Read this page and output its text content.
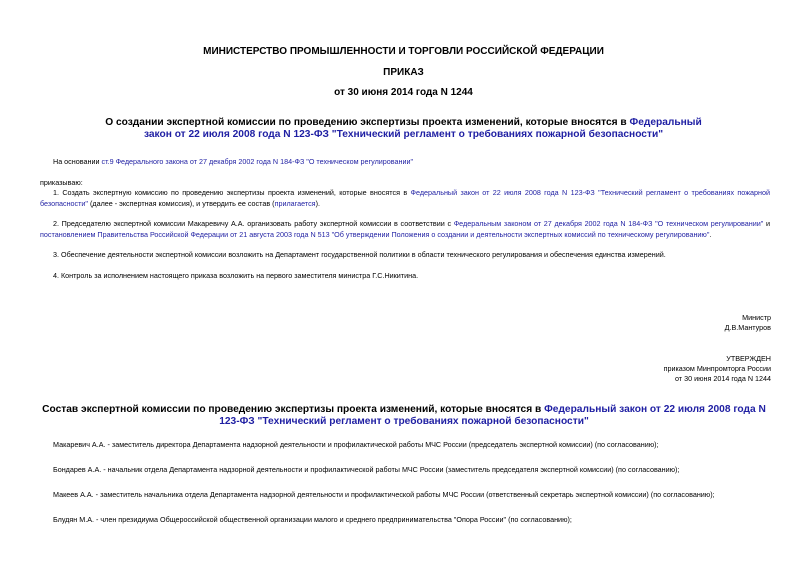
МИНИСТЕРСТВО ПРОМЫШЛЕННОСТИ И ТОРГОВЛИ РОССИЙСКОЙ ФЕДЕРАЦИИ
ПРИКАЗ
от 30 июня 2014 года N 1244
О создании экспертной комиссии по проведению экспертизы проекта изменений, которые вносятся в Федеральный закон от 22 июля 2008 года N 123-ФЗ "Технический регламент о требованиях пожарной безопасности"
На основании ст.9 Федерального закона от 27 декабря 2002 года N 184-ФЗ "О техническом регулировании"
приказываю:
1. Создать экспертную комиссию по проведению экспертизы проекта изменений, которые вносятся в Федеральный закон от 22 июля 2008 года N 123-ФЗ "Технический регламент о требованиях пожарной безопасности" (далее - экспертная комиссия), и утвердить ее состав (прилагается).
2. Председателю экспертной комиссии Макаревичу А.А. организовать работу экспертной комиссии в соответствии с Федеральным законом от 27 декабря 2002 года N 184-ФЗ "О техническом регулировании" и постановлением Правительства Российской Федерации от 21 августа 2003 года N 513 "Об утверждении Положения о создании и деятельности экспертных комиссий по техническому регулированию".
3. Обеспечение деятельности экспертной комиссии возложить на Департамент государственной политики в области технического регулирования и обеспечения единства измерений.
4. Контроль за исполнением настоящего приказа возложить на первого заместителя министра Г.С.Никитина.
Министр
Д.В.Мантуров
УТВЕРЖДЕН
приказом Минпромторга России
от 30 июня 2014 года N 1244
Состав экспертной комиссии по проведению экспертизы проекта изменений, которые вносятся в Федеральный закон от 22 июля 2008 года N 123-ФЗ "Технический регламент о требованиях пожарной безопасности"
Макаревич А.А. - заместитель директора Департамента надзорной деятельности и профилактической работы МЧС России (председатель экспертной комиссии) (по согласованию);
Бондарев А.А. - начальник отдела Департамента надзорной деятельности и профилактической работы МЧС России (заместитель председателя экспертной комиссии) (по согласованию);
Макеев А.А. - заместитель начальника отдела Департамента надзорной деятельности и профилактической работы МЧС России (ответственный секретарь экспертной комиссии) (по согласованию);
Блудян М.А. - член президиума Общероссийской общественной организации малого и среднего предпринимательства "Опора России" (по согласованию);
